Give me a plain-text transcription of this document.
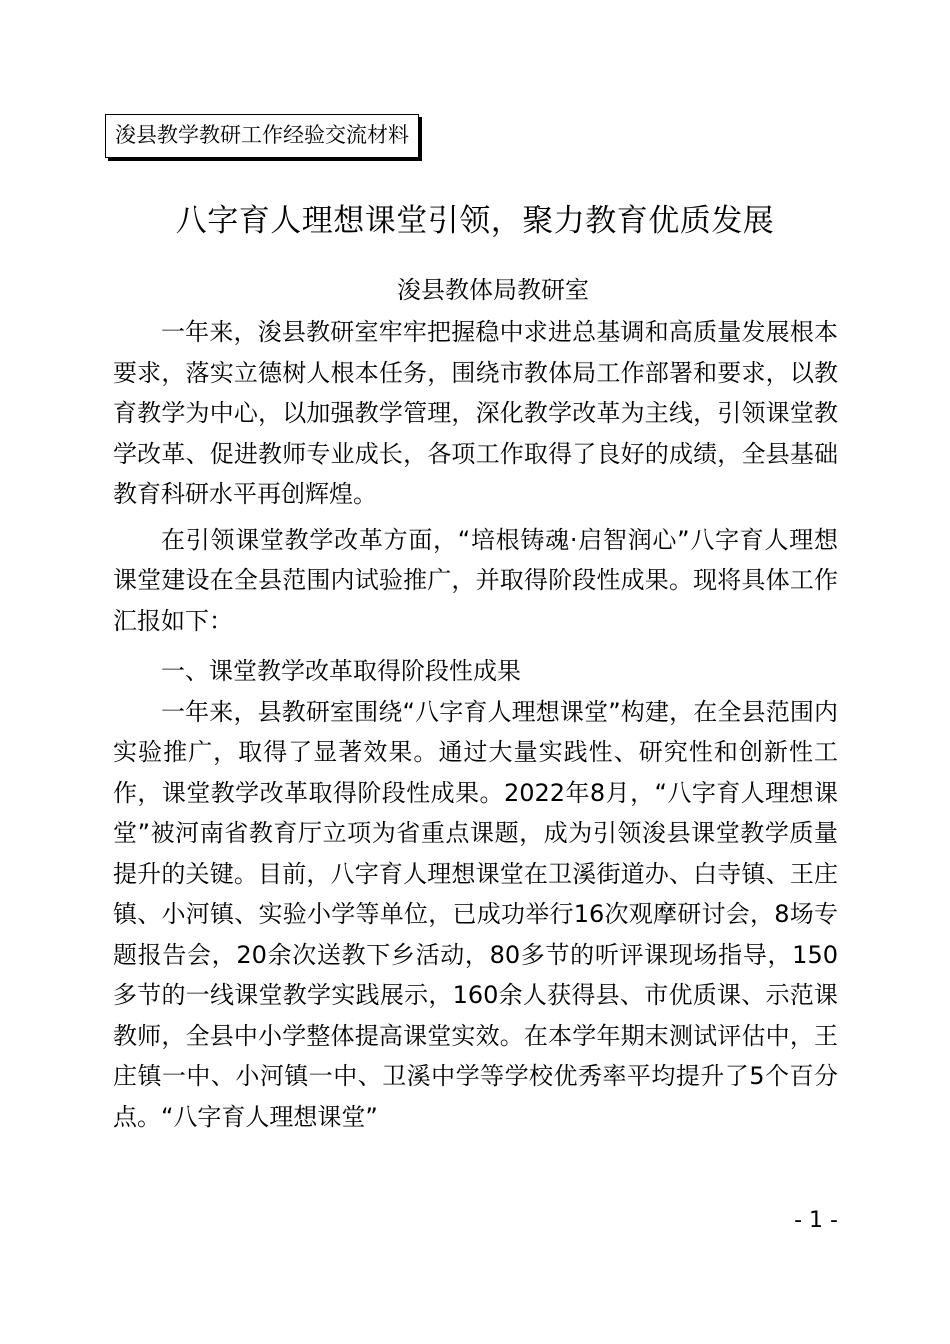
浚县教学教研工作经验交流材料
八字育人理想课堂引领，聚力教育优质发展
浚县教体局教研室

一年来，浚县教研室牢牢把握稳中求进总基调和高质量发展根本要求，落实立德树人根本任务，围绕市教体局工作部署和要求，以教育教学为中心，以加强教学管理，深化教学改革为主线，引领课堂教学改革、促进教师专业成长，各项工作取得了良好的成绩，全县基础教育科研水平再创辉煌。

在引领课堂教学改革方面，“培根铸魂·启智润心”八字育人理想课堂建设在全县范围内试验推广，并取得阶段性成果。现将具体工作汇报如下：

一、课堂教学改革取得阶段性成果

一年来，县教研室围绕“八字育人理想课堂”构建，在全县范围内实验推广，取得了显著效果。通过大量实践性、研究性和创新性工作，课堂教学改革取得阶段性成果。2022年8月，“八字育人理想课堂”被河南省教育厅立项为省重点课题，成为引领浚县课堂教学质量提升的关键。目前，八字育人理想课堂在卫溪街道办、白寺镇、王庄镇、小河镇、实验小学等单位，已成功举行16次观摩研讨会，8场专题报告会，20余次送教下乡活动，80多节的听评课现场指导，150多节的一线课堂教学实践展示，160余人获得县、市优质课、示范课教师，全县中小学整体提高课堂实效。在本学年期末测试评估中，王庄镇一中、小河镇一中、卫溪中学等学校优秀率平均提升了5个百分点。“八字育人理想课堂”

- 1 -
